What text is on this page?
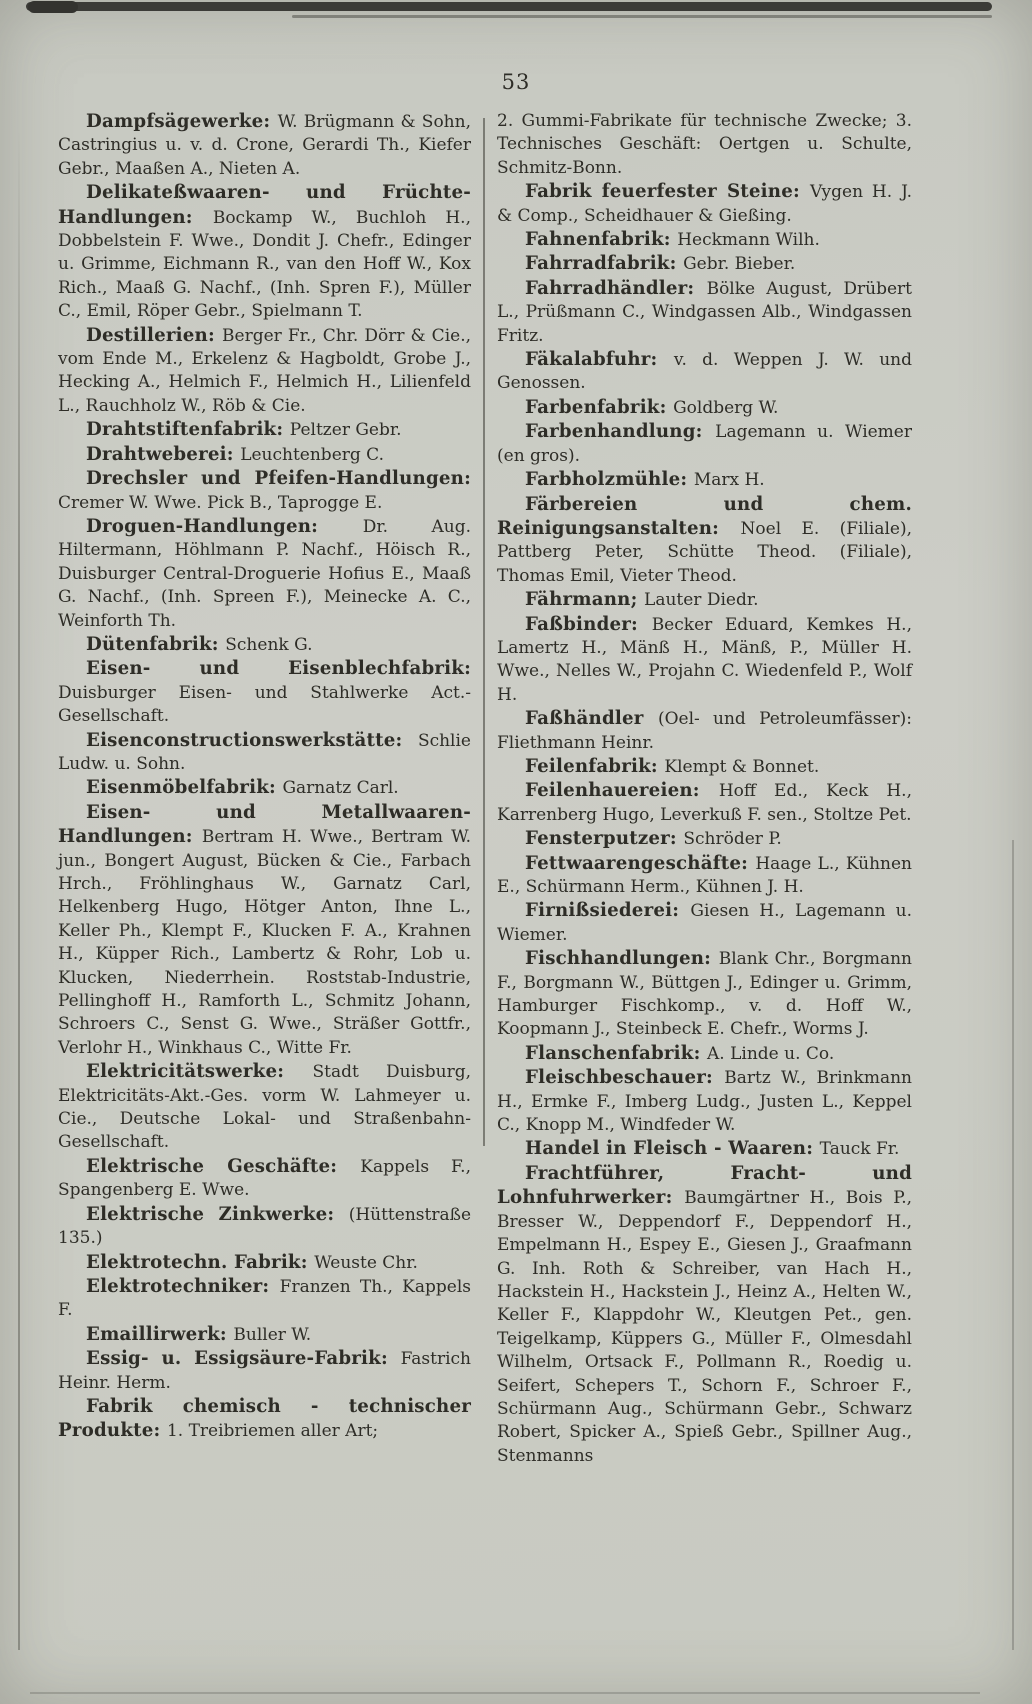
53

Dampfsägewerke: W. Brügmann & Sohn, Castringius u. v. d. Crone, Gerardi Th., Kiefer Gebr., Maaßen A., Nieten A.

Delikateßwaaren- und Früchte-Handlungen: Bockamp W., Buchloh H., Dobbelstein F. Wwe., Dondit J. Chefr., Edinger u. Grimme, Eichmann R., van den Hoff W., Kox Rich., Maaß G. Nachf., (Inh. Spren F.), Müller C., Emil, Röper Gebr., Spielmann T.

Destillerien: Berger Fr., Chr. Dörr & Cie., vom Ende M., Erkelenz & Hagboldt, Grobe J., Hecking A., Helmich F., Helmich H., Lilienfeld L., Rauchholz W., Röb & Cie.

Drahtstiftenfabrik: Peltzer Gebr.

Drahtweberei: Leuchtenberg C.

Drechsler und Pfeifen-Handlungen: Cremer W. Wwe. Pick B., Taprogge E.

Droguen-Handlungen: Dr. Aug. Hiltermann, Höhlmann P. Nachf., Höisch R., Duisburger Central-Droguerie Hofius E., Maaß G. Nachf., (Inh. Spreen F.), Meinecke A. C., Weinforth Th.

Dütenfabrik: Schenk G.

Eisen- und Eisenblechfabrik: Duisburger Eisen- und Stahlwerke Act.-Gesellschaft.

Eisenconstructionswerkstätte: Schlie Ludw. u. Sohn.

Eisenmöbelfabrik: Garnatz Carl.

Eisen- und Metallwaaren-Handlungen: Bertram H. Wwe., Bertram W. jun., Bongert August, Bücken & Cie., Farbach Hrch., Fröhlinghaus W., Garnatz Carl, Helkenberg Hugo, Hötger Anton, Ihne L., Keller Ph., Klempt F., Klucken F. A., Krahnen H., Küpper Rich., Lambertz & Rohr, Lob u. Klucken, Niederrhein. Roststab-Industrie, Pellinghoff H., Ramforth L., Schmitz Johann, Schroers C., Senst G. Wwe., Sträßer Gottfr., Verlohr H., Winkhaus C., Witte Fr.

Elektricitätswerke: Stadt Duisburg, Elektricitäts-Akt.-Ges. vorm W. Lahmeyer u. Cie., Deutsche Lokal- und Straßenbahn-Gesellschaft.

Elektrische Geschäfte: Kappels F., Spangenberg E. Wwe.

Elektrische Zinkwerke: (Hüttenstraße 135.)

Elektrotechn. Fabrik: Weuste Chr.

Elektrotechniker: Franzen Th., Kappels F.

Emaillirwerk: Buller W.

Essig- u. Essigsäure-Fabrik: Fastrich Heinr. Herm.

Fabrik chemisch - technischer Produkte: 1. Treibriemen aller Art;

2. Gummi-Fabrikate für technische Zwecke; 3. Technisches Geschäft: Oertgen u. Schulte, Schmitz-Bonn.

Fabrik feuerfester Steine: Vygen H. J. & Comp., Scheidhauer & Gießing.

Fahnenfabrik: Heckmann Wilh.

Fahrradfabrik: Gebr. Bieber.

Fahrradhändler: Bölke August, Drübert L., Prüßmann C., Windgassen Alb., Windgassen Fritz.

Fäkalabfuhr: v. d. Weppen J. W. und Genossen.

Farbenfabrik: Goldberg W.

Farbenhandlung: Lagemann u. Wiemer (en gros).

Farbholzmühle: Marx H.

Färbereien und chem. Reinigungsanstalten: Noel E. (Filiale), Pattberg Peter, Schütte Theod. (Filiale), Thomas Emil, Vieter Theod.

Fährmann; Lauter Diedr.

Faßbinder: Becker Eduard, Kemkes H., Lamertz H., Mänß H., Mänß, P., Müller H. Wwe., Nelles W., Projahn C. Wiedenfeld P., Wolf H.

Faßhändler (Oel- und Petroleumfässer): Fliethmann Heinr.

Feilenfabrik: Klempt & Bonnet.

Feilenhauereien: Hoff Ed., Keck H., Karrenberg Hugo, Leverkuß F. sen., Stoltze Pet.

Fensterputzer: Schröder P.

Fettwaarengeschäfte: Haage L., Kühnen E., Schürmann Herm., Kühnen J. H.

Firnißsiederei: Giesen H., Lagemann u. Wiemer.

Fischhandlungen: Blank Chr., Borgmann F., Borgmann W., Büttgen J., Edinger u. Grimm, Hamburger Fischkomp., v. d. Hoff W., Koopmann J., Steinbeck E. Chefr., Worms J.

Flanschenfabrik: A. Linde u. Co.

Fleischbeschauer: Bartz W., Brinkmann H., Ermke F., Imberg Ludg., Justen L., Keppel C., Knopp M., Windfeder W.

Handel in Fleisch - Waaren: Tauck Fr.

Frachtführer, Fracht- und Lohnfuhrwerker: Baumgärtner H., Bois P., Bresser W., Deppendorf F., Deppendorf H., Empelmann H., Espey E., Giesen J., Graafmann G. Inh. Roth & Schreiber, van Hach H., Hackstein H., Hackstein J., Heinz A., Helten W., Keller F., Klappdohr W., Kleutgen Pet., gen. Teigelkamp, Küppers G., Müller F., Olmesdahl Wilhelm, Ortsack F., Pollmann R., Roedig u. Seifert, Schepers T., Schorn F., Schroer F., Schürmann Aug., Schürmann Gebr., Schwarz Robert, Spicker A., Spieß Gebr., Spillner Aug., Stenmanns
